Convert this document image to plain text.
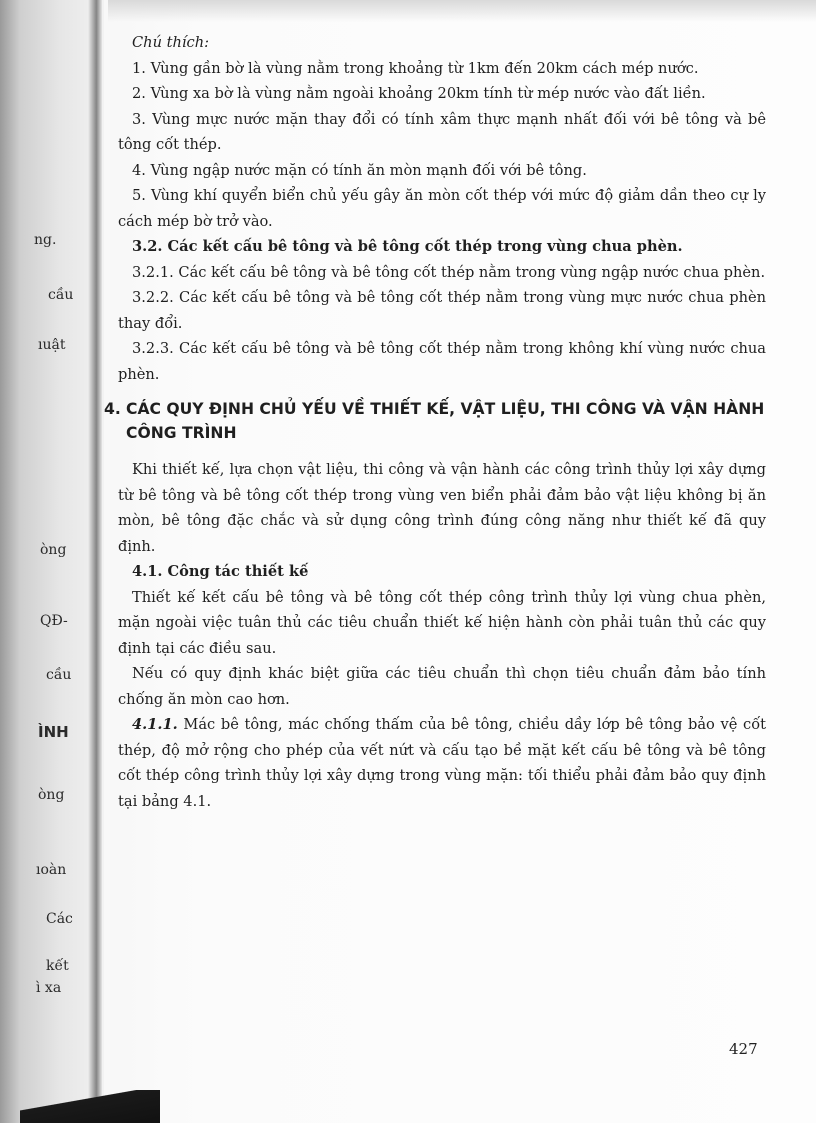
ng.
cầu
ıuật
òng
QĐ-
cầu
ÌNH
òng
ıoàn
Các
kết
ì xa

Chú thích:

1. Vùng gần bờ là vùng nằm trong khoảng từ 1km đến 20km cách mép nước.

2. Vùng xa bờ là vùng nằm ngoài khoảng 20km tính từ mép nước vào đất liền.

3. Vùng mực nước mặn thay đổi có tính xâm thực mạnh nhất đối với bê tông và bê tông cốt thép.

4. Vùng ngập nước mặn có tính ăn mòn mạnh đối với bê tông.

5. Vùng khí quyển biển chủ yếu gây ăn mòn cốt thép với mức độ giảm dần theo cự ly cách mép bờ trở vào.

3.2. Các kết cấu bê tông và bê tông cốt thép trong vùng chua phèn.

3.2.1. Các kết cấu bê tông và bê tông cốt thép nằm trong vùng ngập nước chua phèn.

3.2.2. Các kết cấu bê tông và bê tông cốt thép nằm trong vùng mực nước chua phèn thay đổi.

3.2.3. Các kết cấu bê tông và bê tông cốt thép nằm trong không khí vùng nước chua phèn.

4. CÁC QUY ĐỊNH CHỦ YẾU VỀ THIẾT KẾ, VẬT LIỆU, THI CÔNG VÀ VẬN HÀNH CÔNG TRÌNH

Khi thiết kế, lựa chọn vật liệu, thi công và vận hành các công trình thủy lợi xây dựng từ bê tông và bê tông cốt thép trong vùng ven biển phải đảm bảo vật liệu không bị ăn mòn, bê tông đặc chắc và sử dụng công trình đúng công năng như thiết kế đã quy định.

4.1. Công tác thiết kế

Thiết kế kết cấu bê tông và bê tông cốt thép công trình thủy lợi vùng chua phèn, mặn ngoài việc tuân thủ các tiêu chuẩn thiết kế hiện hành còn phải tuân thủ các quy định tại các điều sau.

Nếu có quy định khác biệt giữa các tiêu chuẩn thì chọn tiêu chuẩn đảm bảo tính chống ăn mòn cao hơn.

4.1.1. Mác bê tông, mác chống thấm của bê tông, chiều dầy lớp bê tông bảo vệ cốt thép, độ mở rộng cho phép của vết nứt và cấu tạo bề mặt kết cấu bê tông và bê tông cốt thép công trình thủy lợi xây dựng trong vùng mặn: tối thiểu phải đảm bảo quy định tại bảng 4.1.

427
